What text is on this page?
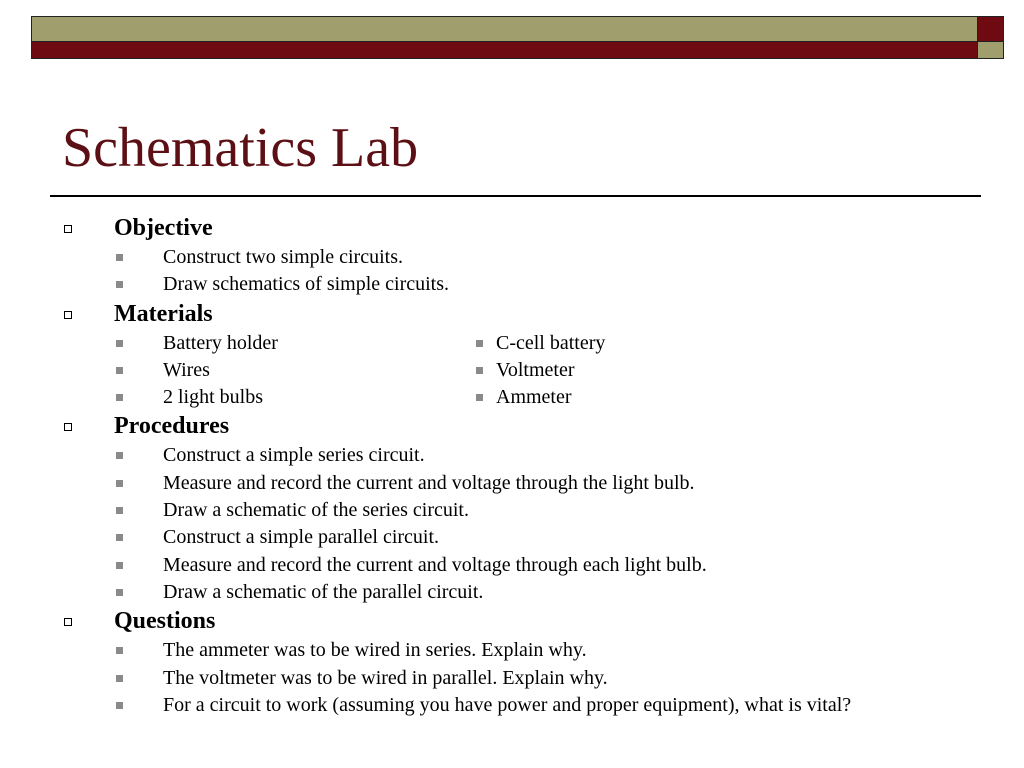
Schematics Lab
Objective
Construct two simple circuits.
Draw schematics of simple circuits.
Materials
Battery holder	C-cell battery
Wires	Voltmeter
2 light bulbs	Ammeter
Procedures
Construct a simple series circuit.
Measure and record the current and voltage through the light bulb.
Draw a schematic of the series circuit.
Construct a simple parallel circuit.
Measure and record the current and voltage through each light bulb.
Draw a schematic of the parallel circuit.
Questions
The ammeter was to be wired in series. Explain why.
The voltmeter was to be wired in parallel. Explain why.
For a circuit to work (assuming you have power and proper equipment), what is vital?
